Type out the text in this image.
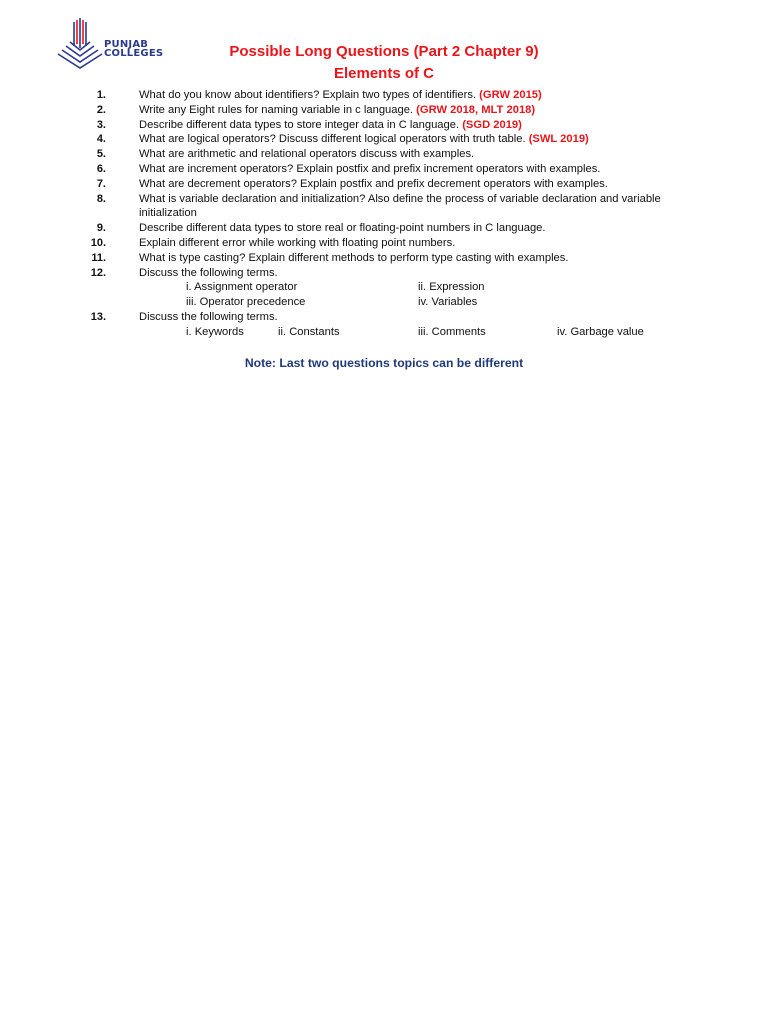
PUNJAB
COLLEGES	Possible Long Questions (Part 2 Chapter 9)
Elements of C
1.	What do you know about identifiers? Explain two types of identifiers. (GRW 2015)
2.	Write any Eight rules for naming variable in c language. (GRW 2018, MLT 2018)
3.	Describe different data types to store integer data in C language. (SGD 2019)
4.	What are logical operators? Discuss different logical operators with truth table. (SWL 2019)
5.	What are arithmetic and relational operators discuss with examples.
6.	What are increment operators? Explain postfix and prefix increment operators with examples.
7.	What are decrement operators? Explain postfix and prefix decrement operators with examples.
8.	What is variable declaration and initialization? Also define the process of variable declaration and variable initialization
9.	Describe different data types to store real or floating-point numbers in C language.
10.	Explain different error while working with floating point numbers.
11.	What is type casting? Explain different methods to perform type casting with examples.
12.	Discuss the following terms.
i. Assignment operator	ii. Expression
iii. Operator precedence	iv. Variables
13.	Discuss the following terms.
i. Keywords	ii. Constants	iii. Comments	iv. Garbage value
Note: Last two questions topics can be different
